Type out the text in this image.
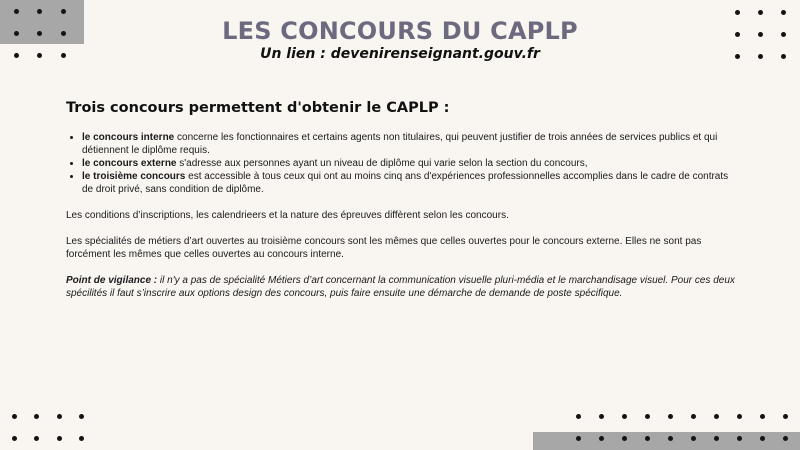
LES CONCOURS DU CAPLP
Un lien : devenirenseignant.gouv.fr
Trois concours permettent d'obtenir le CAPLP :
• le concours interne concerne les fonctionnaires et certains agents non titulaires, qui peuvent justifier de trois années de services publics et qui détiennent le diplôme requis.
• le concours externe s'adresse aux personnes ayant un niveau de diplôme qui varie selon la section du concours,
• le troisième concours est accessible à tous ceux qui ont au moins cinq ans d'expériences professionnelles accomplies dans le cadre de contrats de droit privé, sans condition de diplôme.

Les conditions d’inscriptions, les calendrieers et la nature des épreuves diffèrent selon les concours.

Les spécialités de métiers d’art ouvertes au troisième concours sont les mêmes que celles ouvertes pour le concours externe. Elles ne sont pas forcément les mêmes que celles ouvertes au concours interne.

Point de vigilance : il n'y a pas de spécialité Métiers d’art concernant la communication visuelle pluri-média et le marchandisage visuel. Pour ces deux spécilités il faut s’inscrire aux options design des concours, puis faire ensuite une démarche de demande de poste spécifique.
